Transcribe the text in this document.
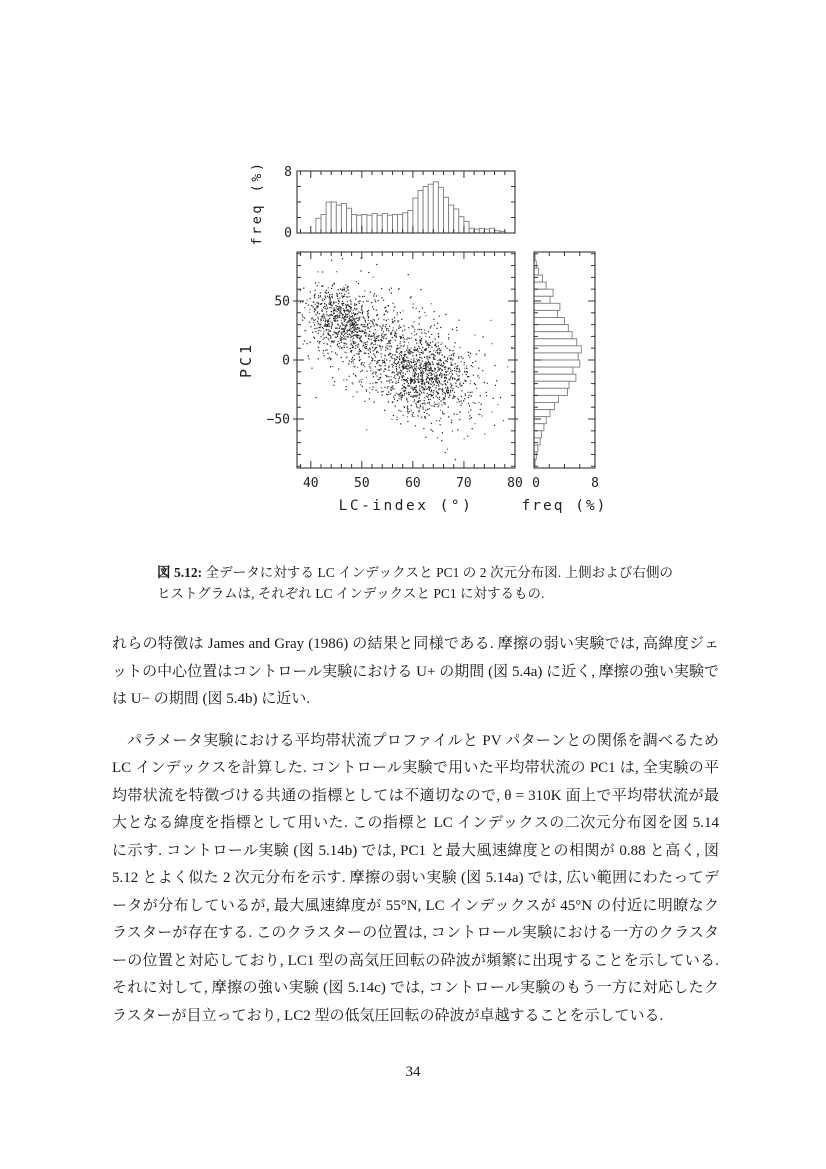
8
0
freq (%)
PC1
−50
0
50
40	50	60	70	80 0	8
LC-index (°)	freq (%)
図 5.12: 全データに対する LC インデックスと PC1 の 2 次元分布図. 上側および右側のヒストグラムは, それぞれ LC インデックスと PC1 に対するもの.

れらの特徴は James and Gray (1986) の結果と同様である. 摩擦の弱い実験では, 高緯度ジェットの中心位置はコントロール実験における U+ の期間 (図 5.4a) に近く, 摩擦の強い実験では U− の期間 (図 5.4b) に近い.

パラメータ実験における平均帯状流プロファイルと PV パターンとの関係を調べるため LC インデックスを計算した. コントロール実験で用いた平均帯状流の PC1 は, 全実験の平均帯状流を特徴づける共通の指標としては不適切なので, θ = 310K 面上で平均帯状流が最大となる緯度を指標として用いた. この指標と LC インデックスの二次元分布図を図 5.14 に示す. コントロール実験 (図 5.14b) では, PC1 と最大風速緯度との相関が 0.88 と高く, 図 5.12 とよく似た 2 次元分布を示す. 摩擦の弱い実験 (図 5.14a) では, 広い範囲にわたってデータが分布しているが, 最大風速緯度が 55°N, LC インデックスが 45°N の付近に明瞭なクラスターが存在する. このクラスターの位置は, コントロール実験における一方のクラスターの位置と対応しており, LC1 型の高気圧回転の砕波が頻繁に出現することを示している. それに対して, 摩擦の強い実験 (図 5.14c) では, コントロール実験のもう一方に対応したクラスターが目立っており, LC2 型の低気圧回転の砕波が卓越することを示している.

34
